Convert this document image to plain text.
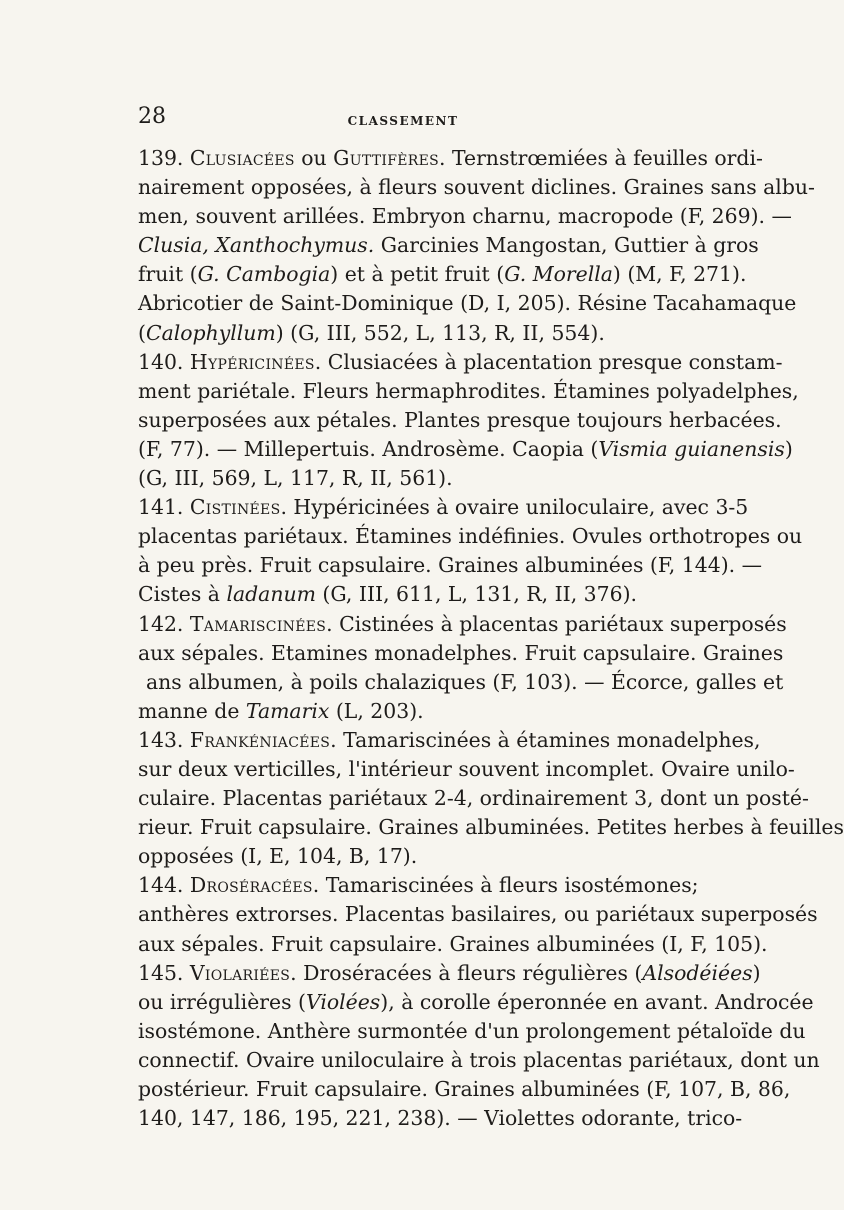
28	CLASSEMENT
139. Clusiacées ou Guttifères. Ternstrœmiées à feuilles ordi-
nairement opposées, à fleurs souvent diclines. Graines sans albu-
men, souvent arillées. Embryon charnu, macropode (F, 269). —
Clusia, Xanthochymus. Garcinies Mangostan, Guttier à gros
fruit (G. Cambogia) et à petit fruit (G. Morella) (M, F, 271).
Abricotier de Saint-Dominique (D, I, 205). Résine Tacahamaque
(Calophyllum) (G, III, 552, L, 113, R, II, 554).
140. Hypéricinées. Clusiacées à placentation presque constam-
ment pariétale. Fleurs hermaphrodites. Étamines polyadelphes,
superposées aux pétales. Plantes presque toujours herbacées.
(F, 77). — Millepertuis. Androsème. Caopia (Vismia guianensis)
(G, III, 569, L, 117, R, II, 561).
141. Cistinées. Hypéricinées à ovaire uniloculaire, avec 3-5
placentas pariétaux. Étamines indéfinies. Ovules orthotropes ou
à peu près. Fruit capsulaire. Graines albuminées (F, 144). —
Cistes à ladanum (G, III, 611, L, 131, R, II, 376).
142. Tamariscinées. Cistinées à placentas pariétaux superposés
aux sépales. Etamines monadelphes. Fruit capsulaire. Graines
ans albumen, à poils chalaziques (F, 103). — Écorce, galles et
manne de Tamarix (L, 203).
143. Frankéniacées. Tamariscinées à étamines monadelphes,
sur deux verticilles, l'intérieur souvent incomplet. Ovaire unilo-
culaire. Placentas pariétaux 2-4, ordinairement 3, dont un posté-
rieur. Fruit capsulaire. Graines albuminées. Petites herbes à feuilles
opposées (I, E, 104, B, 17).
144. Droséracées. Tamariscinées à fleurs isostémones;
anthères extrorses. Placentas basilaires, ou pariétaux superposés
aux sépales. Fruit capsulaire. Graines albuminées (I, F, 105).
145. Violariées. Droséracées à fleurs régulières (Alsodéiées)
ou irrégulières (Violées), à corolle éperonnée en avant. Androcée
isostémone. Anthère surmontée d'un prolongement pétaloïde du
connectif. Ovaire uniloculaire à trois placentas pariétaux, dont un
postérieur. Fruit capsulaire. Graines albuminées (F, 107, B, 86,
140, 147, 186, 195, 221, 238). — Violettes odorante, trico-
